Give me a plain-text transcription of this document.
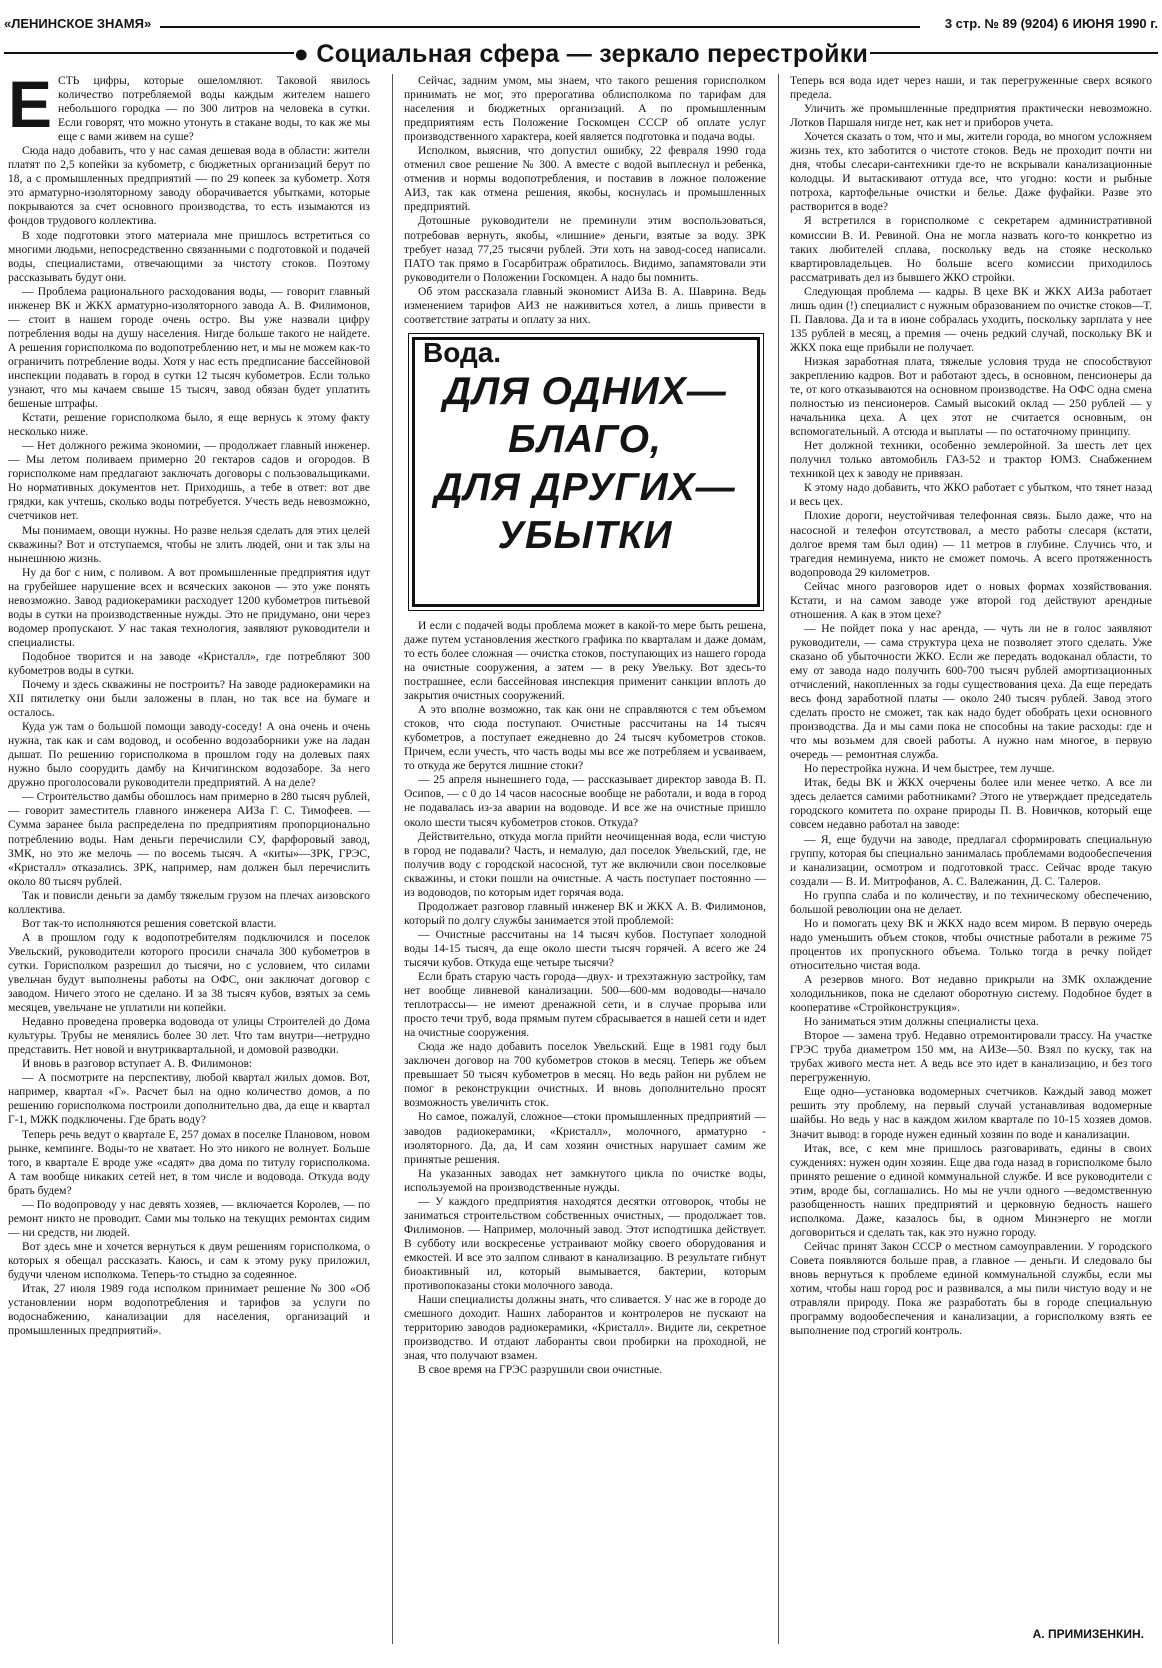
«ЛЕНИНСКОЕ ЗНАМЯ»	3 стр. № 89 (9204) 6 ИЮНЯ 1990 г.
● Социальная сфера — зеркало перестройки
Е СТЬ цифры, которые ошеломляют. Таковой явилось количество потребляемой воды каждым жителем нашего небольшого городка — по 300 литров на человека в сутки. Если говорят, что можно утонуть в стакане воды, то как же мы еще с вами живем на суше?

Сюда надо добавить, что у нас самая дешевая вода в области: жители платят по 2,5 копейки за кубометр, с бюджетных организаций берут по 18, а с промышленных предприятий — по 29 копеек за кубометр. Хотя это арматурно-изоляторному заводу оборачивается убытками, которые покрываются за счет основного производства, то есть изымаются из фондов трудового коллектива.

В ходе подготовки этого материала мне пришлось встретиться со многими людьми, непосредственно связанными с подготовкой и подачей воды, специалистами, отвечающими за чистоту стоков. Поэтому рассказывать будут они.

— Проблема рационального расходования воды, — говорит главный инженер ВК и ЖКХ арматурно-изоляторного завода А. В. Филимонов, — стоит в нашем городе очень остро. Вы уже назвали цифру потребления воды на душу населения. Нигде больше такого не найдете. А решения горисполкома по водопотреблению нет, и мы не можем как-то ограничить потребление воды. Хотя у нас есть предписание бассейновой инспекции подавать в город в сутки 12 тысяч кубометров. Если только узнают, что мы качаем свыше 15 тысяч, завод обязан будет уплатить бешеные штрафы.

Кстати, решение горисполкома было, я еще вернусь к этому факту несколько ниже.

— Нет должного режима экономии, — продолжает главный инженер. — Мы летом поливаем примерно 20 гектаров садов и огородов. В горисполкоме нам предлагают заключать договоры с пользовальщиками. Но нормативных документов нет. Приходишь, а тебе в ответ: вот две грядки, как учтешь, сколько воды потребуется. Учесть ведь невозможно, счетчиков нет.

Мы понимаем, овощи нужны. Но разве нельзя сделать для этих целей скважины? Вот и отступаемся, чтобы не злить людей, они и так злы на нынешнюю жизнь.

Ну да бог с ним, с поливом. А вот промышленные предприятия идут на грубейшее нарушение всех и всяческих законов — это уже понять невозможно. Завод радиокерамики расходует 1200 кубометров питьевой воды в сутки на производственные нужды. Это не придумано, они через водомер пропускают. У нас такая технология, заявляют руководители и специалисты.

Подобное творится и на заводе «Кристалл», где потребляют 300 кубометров воды в сутки.

Почему и здесь скважины не построить? На заводе радиокерамики на XII пятилетку они были заложены в план, но так все на бумаге и осталось.

Куда уж там о большой помощи заводу-соседу! А она очень и очень нужна, так как и сам водовод, и особенно водозаборники уже на ладан дышат. По решению горисполкома в прошлом году на долевых паях нужно было соорудить дамбу на Кичигинском водозаборе. За него дружно проголосовали руководители предприятий. А на деле?

— Строительство дамбы обошлось нам примерно в 280 тысяч рублей, — говорит заместитель главного инженера АИЗа Г. С. Тимофеев. — Сумма заранее была распределена по предприятиям пропорционально потреблению воды. Нам деньги перечислили СУ, фарфоровый завод, ЗМК, но это же мелочь — по восемь тысяч. А «киты»—ЗРК, ГРЭС, «Кристалл» отказались. ЗРК, например, нам должен был перечислить около 80 тысяч рублей.

Так и повисли деньги за дамбу тяжелым грузом на плечах аизовского коллектива.

Вот так-то исполняются решения советской власти.

А в прошлом году к водопотребителям подключился и поселок Увельский, руководители которого просили сначала 300 кубометров в сутки. Горисполком разрешил до тысячи, но с условием, что силами увельчан будут выполнены работы на ОФС, они заключат договор с заводом. Ничего этого не сделано. И за 38 тысяч кубов, взятых за семь месяцев, увельчане не уплатили ни копейки.

Недавно проведена проверка водовода от улицы Строителей до Дома культуры. Трубы не менялись более 30 лет. Что там внутри—нетрудно представить. Нет новой и внутриквартальной, и домовой разводки.

И вновь в разговор вступает А. В. Филимонов:

— А посмотрите на перспективу, любой квартал жилых домов. Вот, например, квартал «Г». Расчет был на одно количество домов, а по решению горисполкома построили дополнительно два, да еще и квартал Г-1, МЖК подключены. Где брать воду?

Теперь речь ведут о квартале Е, 257 домах в поселке Плановом, новом рынке, кемпинге. Воды-то не хватает. Но это никого не волнует. Больше того, в квартале Е вроде уже «садят» два дома по титулу горисполкома. А там вообще никаких сетей нет, в том числе и водовода. Откуда воду брать будем?

— По водопроводу у нас девять хозяев, — включается Королев, — по ремонт никто не проводит. Сами мы только на текущих ремонтах сидим — ни средств, ни людей.

Вот здесь мне и хочется вернуться к двум решениям горисполкома, о которых я обещал рассказать. Каюсь, и сам к этому руку приложил, будучи членом исполкома. Теперь-то стыдно за содеянное.

Итак, 27 июля 1989 года исполком принимает решение № 300 «Об установлении норм водопотребления и тарифов за услуги по водоснабжению, канализации для населения, организаций и промышленных предприятий».

Сейчас, задним умом, мы знаем, что такого решения горисполком принимать не мог, это прерогатива облисполкома по тарифам для населения и бюджетных организаций. А по промышленным предприятиям есть Положение Госкомцен СССР об оплате услуг производственного характера, коей является подготовка и подача воды.

Исполком, выяснив, что допустил ошибку, 22 февраля 1990 года отменил свое решение № 300. А вместе с водой выплеснул и ребенка, отменив и нормы водопотребления, и поставив в ложное положение АИЗ, так как отмена решения, якобы, коснулась и промышленных предприятий.

Дотошные руководители не преминули этим воспользоваться, потребовав вернуть, якобы, «лишние» деньги, взятые за воду. ЗРК требует назад 77,25 тысячи рублей. Эти хоть на завод-сосед написали. ПАТО так прямо в Госарбитраж обратилось. Видимо, запамятовали эти руководители о Положении Госкомцен. А надо бы помнить.

Об этом рассказала главный экономист АИЗа В. А. Шаврина. Ведь изменением тарифов АИЗ не наживиться хотел, а лишь привести в соответствие затраты и оплату за них.

Вода.
ДЛЯ ОДНИХ—
БЛАГО,
ДЛЯ ДРУГИХ—
УБЫТКИ

И если с подачей воды проблема может в какой-то мере быть решена, даже путем установления жесткого графика по кварталам и даже домам, то есть более сложная — очистка стоков, поступающих из нашего города на очистные сооружения, а затем — в реку Увельку. Вот здесь-то пострашнее, если бассейновая инспекция применит санкции вплоть до закрытия очистных сооружений.

А это вполне возможно, так как они не справляются с тем объемом стоков, что сюда поступают. Очистные рассчитаны на 14 тысяч кубометров, а поступает ежедневно до 24 тысяч кубометров стоков. Причем, если учесть, что часть воды мы все же потребляем и усваиваем, то откуда же берутся лишние стоки?

— 25 апреля нынешнего года, — рассказывает директор завода В. П. Осипов, — с 0 до 14 часов насосные вообще не работали, и вода в город не подавалась из-за аварии на водоводе. И все же на очистные пришло около шести тысяч кубометров стоков. Откуда?

Действительно, откуда могла прийти неочищенная вода, если чистую в город не подавали? Часть, и немалую, дал поселок Увельский, где, не получив воду с городской насосной, тут же включили свои поселковые скважины, и стоки пошли на очистные. А часть поступает постоянно — из водоводов, по которым идет горячая вода.

Продолжает разговор главный инженер ВК и ЖКХ А. В. Филимонов, который по долгу службы занимается этой проблемой:

— Очистные рассчитаны на 14 тысяч кубов. Поступает холодной воды 14-15 тысяч, да еще около шести тысяч горячей. А всего же 24 тысячи кубов. Откуда еще четыре тысячи?

Если брать старую часть города—двух- и трехэтажную застройку, там нет вообще ливневой канализации. 500—600-мм водоводы—начало теплотрассы— не имеют дренажной сети, и в случае прорыва или просто течи труб, вода прямым путем сбрасывается в нашей сети и идет на очистные сооружения.

Сюда же надо добавить поселок Увельский. Еще в 1981 году был заключен договор на 700 кубометров стоков в месяц. Теперь же объем превышает 50 тысяч кубометров в месяц. Но ведь район ни рублем не помог в реконструкции очистных. И вновь дополнительно просят возможность увеличить сток.

Но самое, пожалуй, сложное—стоки промышленных предприятий — заводов радиокерамики, «Кристалл», молочного, арматурно - изоляторного. Да, да, И сам хозяин очистных нарушает самим же принятые решения.

На указанных заводах нет замкнутого цикла по очистке воды, используемой на производственные нужды.

— У каждого предприятия находятся десятки отговорок, чтобы не заниматься строительством собственных очистных, — продолжает тов. Филимонов. — Например, молочный завод. Этот исподтишка действует. В субботу или воскресенье устраивают мойку своего оборудования и емкостей. И все это залпом сливают в канализацию. В результате гибнут биоактивный ил, который вымывается, бактерии, которым противопоказаны стоки молочного завода.

Наши специалисты должны знать, что сливается. У нас же в городе до смешного доходит. Наших лаборантов и контролеров не пускают на территорию заводов радиокерамики, «Кристалл». Видите ли, секретное производство. И отдают лаборанты свои пробирки на проходной, не зная, что получают взамен.

В свое время на ГРЭС разрушили свои очистные.

Теперь вся вода идет через наши, и так перегруженные сверх всякого предела.

Уличить же промышленные предприятия практически невозможно. Лотков Паршаля нигде нет, как нет и приборов учета.

Хочется сказать о том, что и мы, жители города, во многом усложняем жизнь тех, кто заботится о чистоте стоков. Ведь не проходит почти ни дня, чтобы слесари-сантехники где-то не вскрывали канализационные колодцы. И вытаскивают оттуда все, что угодно: кости и рыбные потроха, картофельные очистки и белье. Даже фуфайки. Разве это растворится в воде?

Я встретился в горисполкоме с секретарем административной комиссии В. И. Ревиной. Она не могла назвать кого-то конкретно из таких любителей сплава, поскольку ведь на стояке несколько квартировладельцев. Но больше всего комиссии приходилось рассматривать дел из бывшего ЖКО стройки.

Следующая проблема — кадры. В цехе ВК и ЖКХ АИЗа работает лишь один (!) специалист с нужным образованием по очистке стоков—Т. П. Павлова. Да и та в июне собралась уходить, поскольку зарплата у нее 135 рублей в месяц, а премия — очень редкий случай, поскольку ВК и ЖКХ пока еще прибыли не получает.

Низкая заработная плата, тяжелые условия труда не способствуют закреплению кадров. Вот и работают здесь, в основном, пенсионеры да те, от кого отказываются на основном производстве. На ОФС одна смена полностью из пенсионеров. Самый высокий оклад — 250 рублей — у начальника цеха. А цех этот не считается основным, он вспомогательный. А отсюда и выплаты — по остаточному принципу.

Нет должной техники, особенно землеройной. За шесть лет цех получил только автомобиль ГАЗ-52 и трактор ЮМЗ. Снабжением техникой цех к заводу не привязан.

К этому надо добавить, что ЖКО работает с убытком, что тянет назад и весь цех.

Плохие дороги, неустойчивая телефонная связь. Было даже, что на насосной и телефон отсутствовал, а место работы слесаря (кстати, долгое время там был один) — 11 метров в глубине. Случись что, и трагедия неминуема, никто не сможет помочь. А всего протяженность водопровода 29 километров.

Сейчас много разговоров идет о новых формах хозяйствования. Кстати, и на самом заводе уже второй год действуют арендные отношения. А как в этом цехе?

— Не пойдет пока у нас аренда, — чуть ли не в голос заявляют руководители, — сама структура цеха не позволяет этого сделать. Уже сказано об убыточности ЖКО. Если же передать водоканал области, то ему от завода надо получить 600-700 тысяч рублей амортизационных отчислений, накопленных за годы существования цеха. Да еще передать весь фонд заработной платы — около 240 тысяч рублей. Завод этого сделать просто не сможет, так как надо будет обобрать цехи основного производства. Да и мы сами пока не способны на такие расходы: где и что мы возьмем для своей работы. А нужно нам многое, в первую очередь — ремонтная служба.

Но перестройка нужна. И чем быстрее, тем лучше.

Итак, беды ВК и ЖКХ очерчены более или менее четко. А все ли здесь делается самими работниками? Этого не утверждает председатель городского комитета по охране природы П. В. Новичков, который еще совсем недавно работал на заводе:

— Я, еще будучи на заводе, предлагал сформировать специальную группу, которая бы специально занималась проблемами водообеспечения и канализации, осмотром и подготовкой трасс. Сейчас вроде такую создали — В. И. Митрофанов, А. С. Валежанин, Д. С. Талеров.

Но группа слаба и по количеству, и по техническому обеспечению, большой революции она не делает.

Но и помогать цеху ВК и ЖКХ надо всем миром. В первую очередь надо уменьшить объем стоков, чтобы очистные работали в режиме 75 процентов их пропускного объема. Только тогда в речку пойдет относительно чистая вода.

А резервов много. Вот недавно прикрыли на ЗМК охлаждение холодильников, пока не сделают оборотную систему. Подобное будет в кооперативе «Стройконструкция».

Но заниматься этим должны специалисты цеха.

Второе — замена труб. Недавно отремонтировали трассу. На участке ГРЭС труба диаметром 150 мм, на АИЗе—50. Взял по куску, так на трубах живого места нет. А ведь все это идет в канализацию, и без того перегруженную.

Еще одно—установка водомерных счетчиков. Каждый завод может решить эту проблему, на первый случай устанавливая водомерные шайбы. Но ведь у нас в каждом жилом квартале по 10-15 хозяев домов. Значит вывод: в городе нужен единый хозяин по воде и канализации.

Итак, все, с кем мне пришлось разговаривать, едины в своих суждениях: нужен один хозяин. Еще два года назад в горисполкоме было принято решение о единой коммунальной службе. И все руководители с этим, вроде бы, соглашались. Но мы не учли одного —ведомственную разобщенность наших предприятий и церковную бедность нашего исполкома. Даже, казалось бы, в одном Минэнерго не могли договориться и сделать так, как это нужно городу.

Сейчас принят Закон СССР о местном самоуправлении. У городского Совета появляются больше прав, а главное — деньги. И следовало бы вновь вернуться к проблеме единой коммунальной службы, если мы хотим, чтобы наш город рос и развивался, а мы пили чистую воду и не отравляли природу. Пока же разработать бы в городе специальную программу водообеспечения и канализации, а горисполкому взять ее выполнение под строгий контроль.

А. ПРИМИЗЕНКИН.
